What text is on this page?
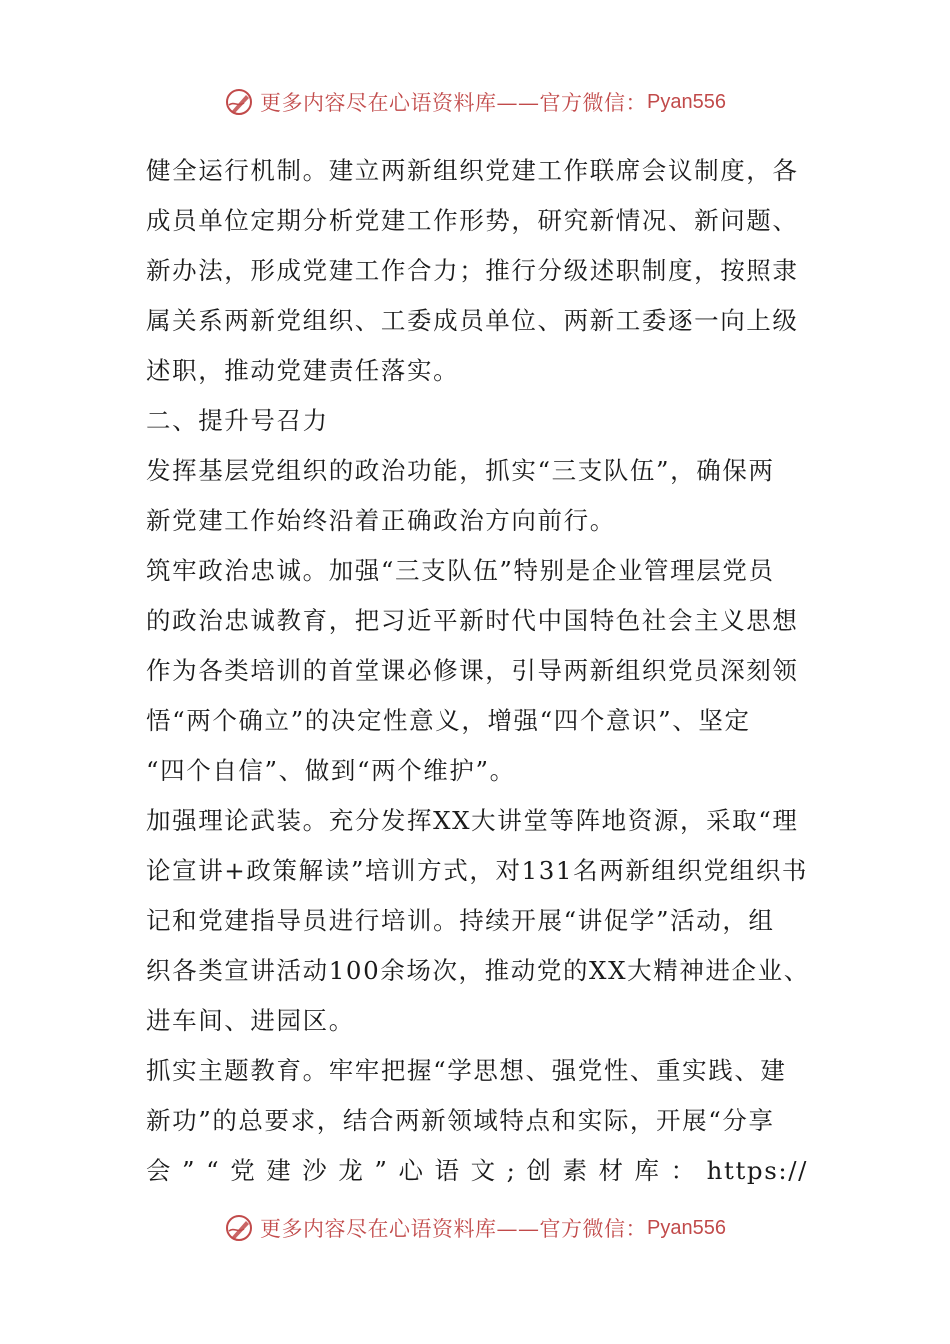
更多内容尽在心语资料库——官方微信： Pyan556

健全运行机制。建立两新组织党建工作联席会议制度，各
成员单位定期分析党建工作形势，研究新情况、新问题、
新办法，形成党建工作合力；推行分级述职制度，按照隶
属关系两新党组织、工委成员单位、两新工委逐一向上级
述职，推动党建责任落实。

二、提升号召力

发挥基层党组织的政治功能，抓实“三支队伍”，确保两
新党建工作始终沿着正确政治方向前行。

筑牢政治忠诚。加强“三支队伍”特别是企业管理层党员
的政治忠诚教育，把习近平新时代中国特色社会主义思想
作为各类培训的首堂课必修课，引导两新组织党员深刻领
悟“两个确立”的决定性意义，增强“四个意识”、坚定
“四个自信”、做到“两个维护”。

加强理论武装。充分发挥XX大讲堂等阵地资源，采取“理
论宣讲+政策解读”培训方式，对131名两新组织党组织书
记和党建指导员进行培训。持续开展“讲促学”活动，组
织各类宣讲活动100余场次，推动党的XX大精神进企业、
进车间、进园区。

抓实主题教育。牢牢把握“学思想、强党性、重实践、建
新功”的总要求，结合两新领域特点和实际，开展“分享
会 ” “ 党 建 沙 龙 ” 心 语 文 ; 创 素 材 库 ： https://

更多内容尽在心语资料库——官方微信： Pyan556
